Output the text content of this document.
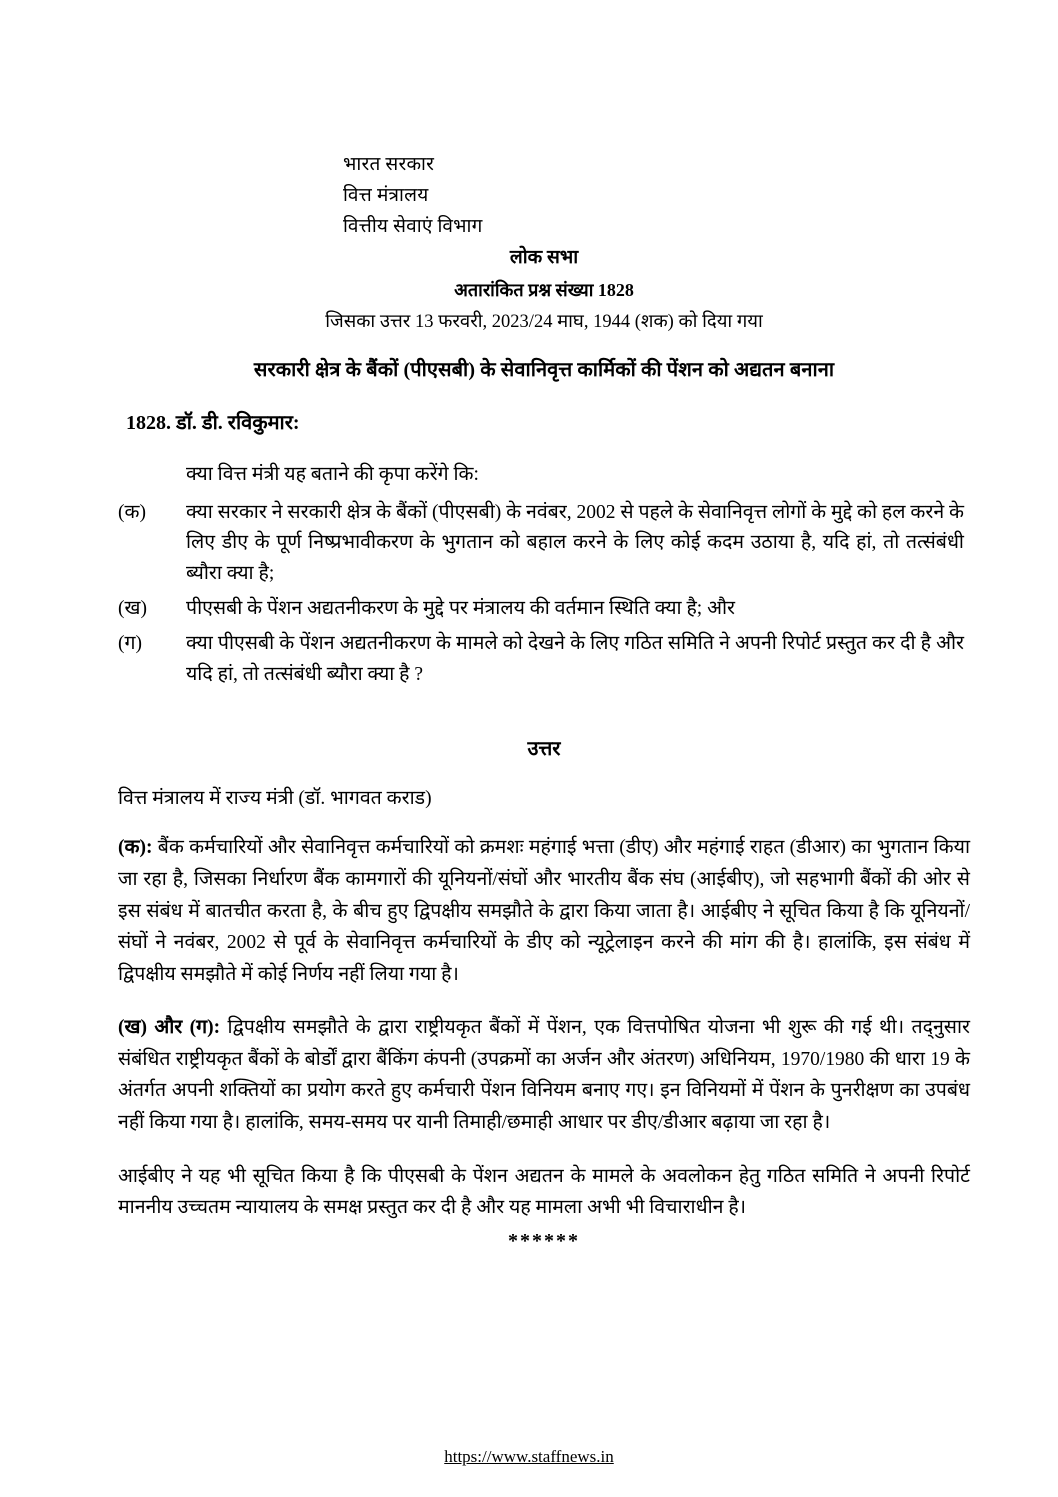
भारत सरकार
वित्त मंत्रालय
वित्तीय सेवाएं विभाग
लोक सभा
अतारांकित प्रश्न संख्या 1828
जिसका उत्तर 13 फरवरी, 2023/24 माघ, 1944 (शक) को दिया गया
सरकारी क्षेत्र के बैंकों (पीएसबी) के सेवानिवृत्त कार्मिकों की पेंशन को अद्यतन बनाना
1828. डॉ. डी. रविकुमार:
क्या वित्त मंत्री यह बताने की कृपा करेंगे कि:
(क)	क्या सरकार ने सरकारी क्षेत्र के बैंकों (पीएसबी) के नवंबर, 2002 से पहले के सेवानिवृत्त लोगों के मुद्दे को हल करने के लिए डीए के पूर्ण निष्प्रभावीकरण के भुगतान को बहाल करने के लिए कोई कदम उठाया है, यदि हां, तो तत्संबंधी ब्यौरा क्या है;
(ख)	पीएसबी के पेंशन अद्यतनीकरण के मुद्दे पर मंत्रालय की वर्तमान स्थिति क्या है; और
(ग)	क्या पीएसबी के पेंशन अद्यतनीकरण के मामले को देखने के लिए गठित समिति ने अपनी रिपोर्ट प्रस्तुत कर दी है और यदि हां, तो तत्संबंधी ब्यौरा क्या है ?
उत्तर
वित्त मंत्रालय में राज्य मंत्री (डॉ. भागवत कराड)
(क): बैंक कर्मचारियों और सेवानिवृत्त कर्मचारियों को क्रमशः महंगाई भत्ता (डीए) और महंगाई राहत (डीआर) का भुगतान किया जा रहा है, जिसका निर्धारण बैंक कामगारों की यूनियनों/संघों और भारतीय बैंक संघ (आईबीए), जो सहभागी बैंकों की ओर से इस संबंध में बातचीत करता है, के बीच हुए द्विपक्षीय समझौते के द्वारा किया जाता है। आईबीए ने सूचित किया है कि यूनियनों/संघों ने नवंबर, 2002 से पूर्व के सेवानिवृत्त कर्मचारियों के डीए को न्यूट्रेलाइन करने की मांग की है। हालांकि, इस संबंध में द्विपक्षीय समझौते में कोई निर्णय नहीं लिया गया है।
(ख) और (ग): द्विपक्षीय समझौते के द्वारा राष्ट्रीयकृत बैंकों में पेंशन, एक वित्तपोषित योजना भी शुरू की गई थी। तद्नुसार संबंधित राष्ट्रीयकृत बैंकों के बोर्डों द्वारा बैंकिंग कंपनी (उपक्रमों का अर्जन और अंतरण) अधिनियम, 1970/1980 की धारा 19 के अंतर्गत अपनी शक्तियों का प्रयोग करते हुए कर्मचारी पेंशन विनियम बनाए गए। इन विनियमों में पेंशन के पुनरीक्षण का उपबंध नहीं किया गया है। हालांकि, समय-समय पर यानी तिमाही/छमाही आधार पर डीए/डीआर बढ़ाया जा रहा है।
आईबीए ने यह भी सूचित किया है कि पीएसबी के पेंशन अद्यतन के मामले के अवलोकन हेतु गठित समिति ने अपनी रिपोर्ट माननीय उच्चतम न्यायालय के समक्ष प्रस्तुत कर दी है और यह मामला अभी भी विचाराधीन है।
******
https://www.staffnews.in
